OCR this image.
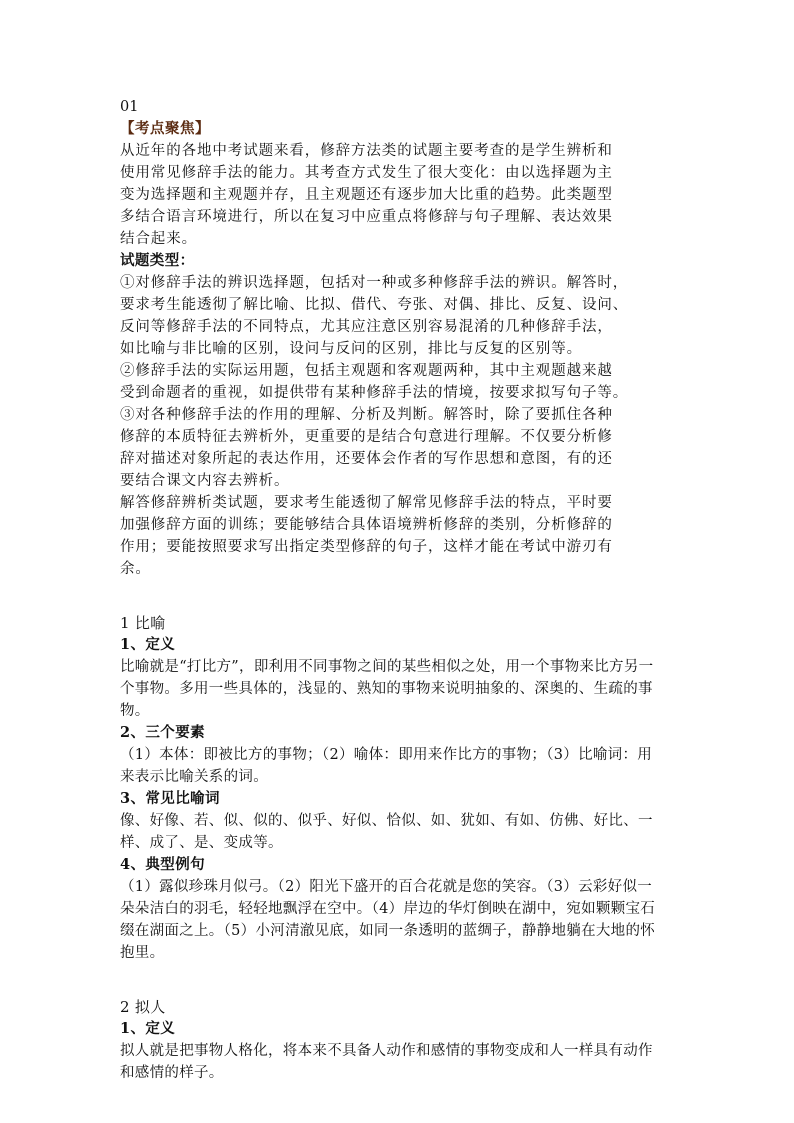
01
【考点聚焦】
从近年的各地中考试题来看，修辞方法类的试题主要考查的是学生辨析和
使用常见修辞手法的能力。其考查方式发生了很大变化：由以选择题为主
变为选择题和主观题并存，且主观题还有逐步加大比重的趋势。此类题型
多结合语言环境进行，所以在复习中应重点将修辞与句子理解、表达效果
结合起来。
试题类型：
①对修辞手法的辨识选择题，包括对一种或多种修辞手法的辨识。解答时，
要求考生能透彻了解比喻、比拟、借代、夸张、对偶、排比、反复、设问、
反问等修辞手法的不同特点，尤其应注意区别容易混淆的几种修辞手法，
如比喻与非比喻的区别，设问与反问的区别，排比与反复的区别等。
②修辞手法的实际运用题，包括主观题和客观题两种，其中主观题越来越
受到命题者的重视，如提供带有某种修辞手法的情境，按要求拟写句子等。
③对各种修辞手法的作用的理解、分析及判断。解答时，除了要抓住各种
修辞的本质特征去辨析外，更重要的是结合句意进行理解。不仅要分析修
辞对描述对象所起的表达作用，还要体会作者的写作思想和意图，有的还
要结合课文内容去辨析。
解答修辞辨析类试题，要求考生能透彻了解常见修辞手法的特点，平时要
加强修辞方面的训练；要能够结合具体语境辨析修辞的类别，分析修辞的
作用；要能按照要求写出指定类型修辞的句子，这样才能在考试中游刃有
余。
1 比喻
1、定义
比喻就是“打比方”，即利用不同事物之间的某些相似之处，用一个事物来比方另一
个事物。多用一些具体的，浅显的、熟知的事物来说明抽象的、深奥的、生疏的事
物。
2、三个要素
（1）本体：即被比方的事物；（2）喻体：即用来作比方的事物；（3）比喻词：用
来表示比喻关系的词。
3、常见比喻词
像、好像、若、似、似的、似乎、好似、恰似、如、犹如、有如、仿佛、好比、一
样、成了、是、变成等。
4、典型例句
（1）露似珍珠月似弓。（2）阳光下盛开的百合花就是您的笑容。（3）云彩好似一
朵朵洁白的羽毛，轻轻地飘浮在空中。（4）岸边的华灯倒映在湖中，宛如颗颗宝石
缀在湖面之上。（5）小河清澈见底，如同一条透明的蓝绸子，静静地躺在大地的怀
抱里。
2 拟人
1、定义
拟人就是把事物人格化，将本来不具备人动作和感情的事物变成和人一样具有动作
和感情的样子。
